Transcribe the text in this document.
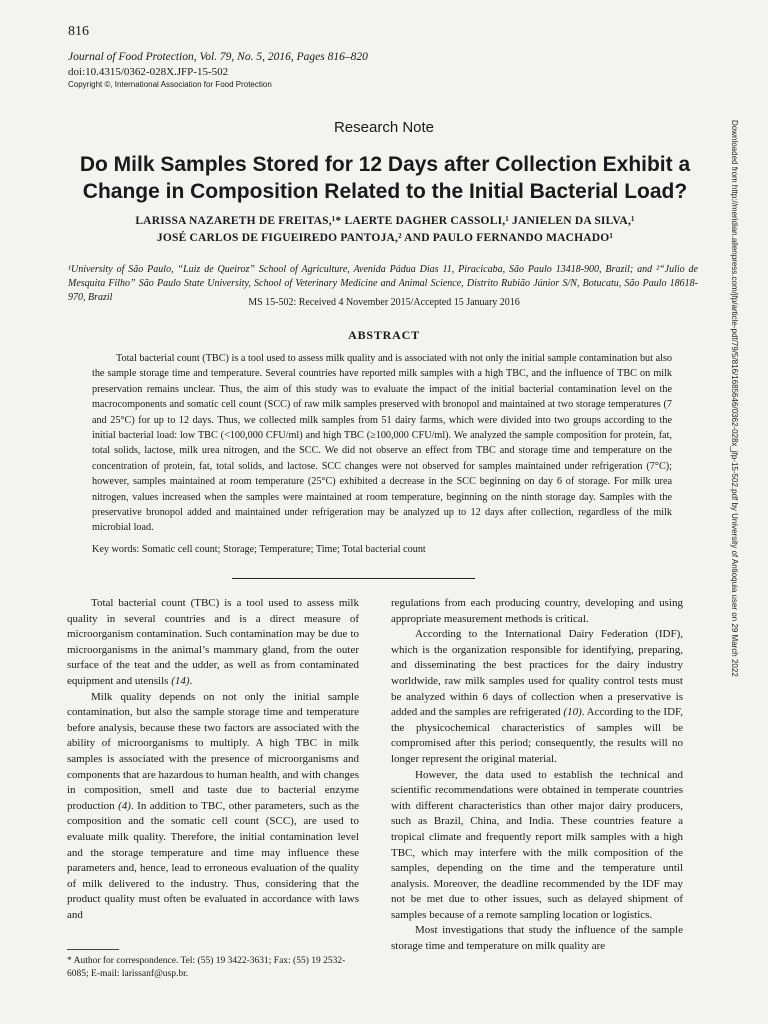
816
Journal of Food Protection, Vol. 79, No. 5, 2016, Pages 816–820
doi:10.4315/0362-028X.JFP-15-502
Copyright ©, International Association for Food Protection
Research Note
Do Milk Samples Stored for 12 Days after Collection Exhibit a Change in Composition Related to the Initial Bacterial Load?
LARISSA NAZARETH DE FREITAS,¹* LAERTE DAGHER CASSOLI,¹ JANIELEN DA SILVA,¹
JOSÉ CARLOS DE FIGUEIREDO PANTOJA,² AND PAULO FERNANDO MACHADO¹
¹University of São Paulo, “Luiz de Queiroz” School of Agriculture, Avenida Pádua Dias 11, Piracicaba, São Paulo 13418-900, Brazil; and ²“Julio de Mesquita Filho” São Paulo State University, School of Veterinary Medicine and Animal Science, Distrito Rubião Júnior S/N, Botucatu, São Paulo 18618-970, Brazil	MS 15-502: Received 4 November 2015/Accepted 15 January 2016
ABSTRACT
Total bacterial count (TBC) is a tool used to assess milk quality and is associated with not only the initial sample contamination but also the sample storage time and temperature. Several countries have reported milk samples with a high TBC, and the influence of TBC on milk preservation remains unclear. Thus, the aim of this study was to evaluate the impact of the initial bacterial contamination level on the macrocomponents and somatic cell count (SCC) of raw milk samples preserved with bronopol and maintained at two storage temperatures (7 and 25°C) for up to 12 days. Thus, we collected milk samples from 51 dairy farms, which were divided into two groups according to the initial bacterial load: low TBC (<100,000 CFU/ml) and high TBC (≥100,000 CFU/ml). We analyzed the sample composition for protein, fat, total solids, lactose, milk urea nitrogen, and the SCC. We did not observe an effect from TBC and storage time and temperature on the concentration of protein, fat, total solids, and lactose. SCC changes were not observed for samples maintained under refrigeration (7°C); however, samples maintained at room temperature (25°C) exhibited a decrease in the SCC beginning on day 6 of storage. For milk urea nitrogen, values increased when the samples were maintained at room temperature, beginning on the ninth storage day. Samples with the preservative bronopol added and maintained under refrigeration may be analyzed up to 12 days after collection, regardless of the milk microbial load.
Key words: Somatic cell count; Storage; Temperature; Time; Total bacterial count

Total bacterial count (TBC) is a tool used to assess milk quality in several countries and is a direct measure of microorganism contamination. Such contamination may be due to microorganisms in the animal’s mammary gland, from the outer surface of the teat and the udder, as well as from contaminated equipment and utensils (14).

Milk quality depends on not only the initial sample contamination, but also the sample storage time and temperature before analysis, because these two factors are associated with the ability of microorganisms to multiply. A high TBC in milk samples is associated with the presence of microorganisms and components that are hazardous to human health, and with changes in composition, smell and taste due to bacterial enzyme production (4). In addition to TBC, other parameters, such as the composition and the somatic cell count (SCC), are used to evaluate milk quality. Therefore, the initial contamination level and the storage temperature and time may influence these parameters and, hence, lead to erroneous evaluation of the quality of milk delivered to the industry. Thus, considering that the product quality must often be evaluated in accordance with laws and

regulations from each producing country, developing and using appropriate measurement methods is critical.

According to the International Dairy Federation (IDF), which is the organization responsible for identifying, preparing, and disseminating the best practices for the dairy industry worldwide, raw milk samples used for quality control tests must be analyzed within 6 days of collection when a preservative is added and the samples are refrigerated (10). According to the IDF, the physicochemical characteristics of samples will be compromised after this period; consequently, the results will no longer represent the original material.

However, the data used to establish the technical and scientific recommendations were obtained in temperate countries with different characteristics than other major dairy producers, such as Brazil, China, and India. These countries feature a tropical climate and frequently report milk samples with a high TBC, which may interfere with the milk composition of the samples, depending on the time and the temperature until analysis. Moreover, the deadline recommended by the IDF may not be met due to other issues, such as delayed shipment of samples because of a remote sampling location or logistics.

Most investigations that study the influence of the sample storage time and temperature on milk quality are

* Author for correspondence. Tel: (55) 19 3422-3631; Fax: (55) 19 2532-6085; E-mail: larissanf@usp.br.
Downloaded from http://meridian.allenpress.com/jfp/article-pdf/79/5/816/1685646/0362-028x_jfp-15-502.pdf by University of Antioquia user on 29 March 2022
